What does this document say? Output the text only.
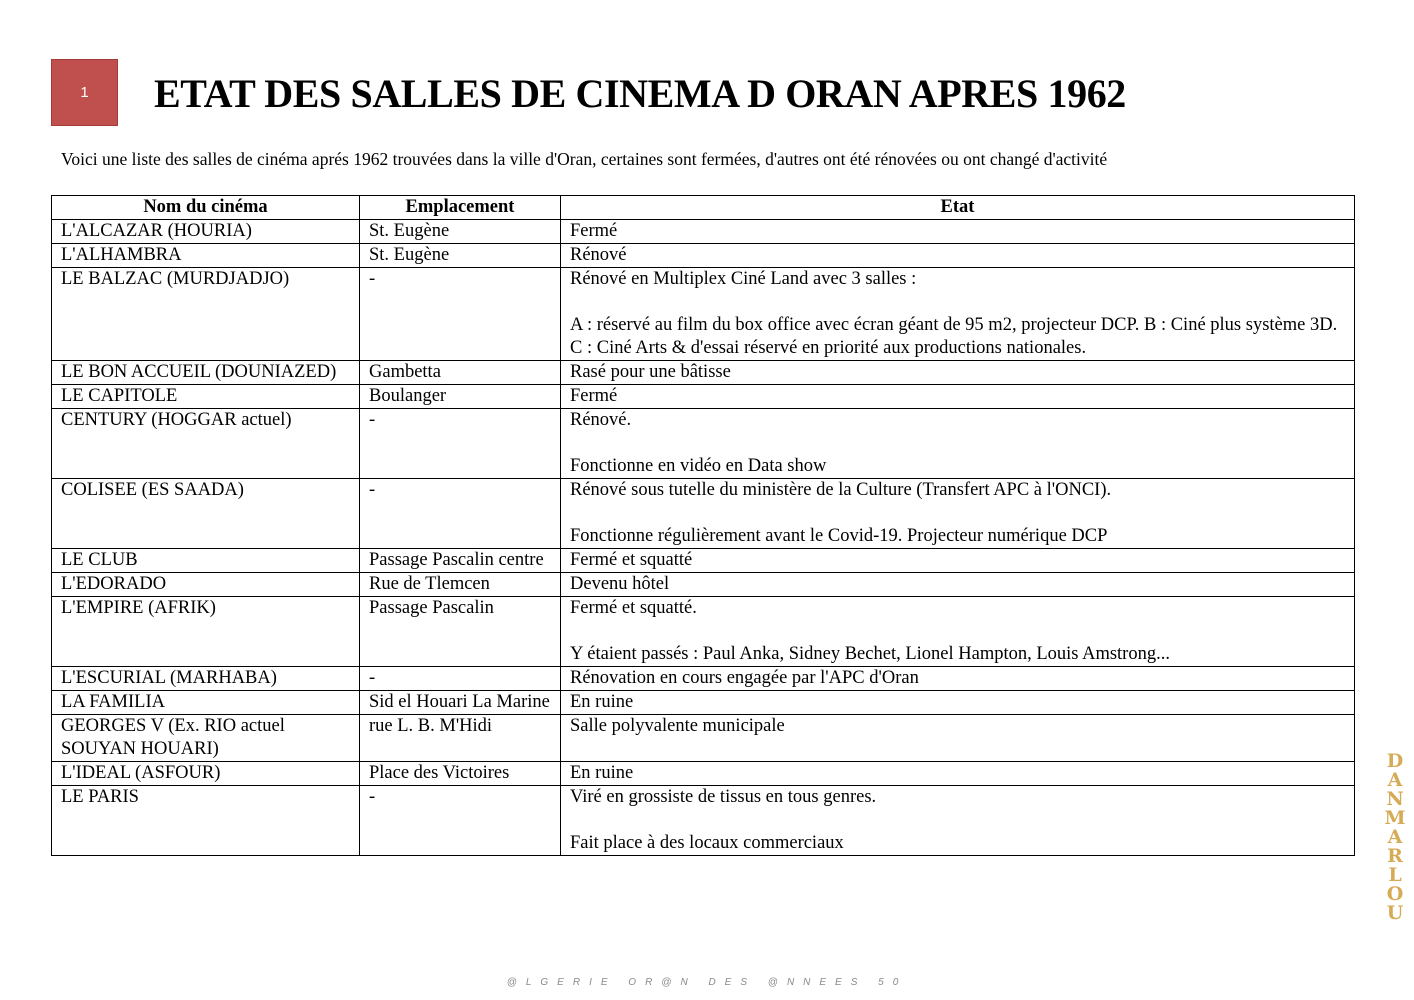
1 ETAT DES SALLES DE CINEMA D ORAN APRES 1962

Voici une liste des salles de cinéma aprés 1962 trouvées dans la ville d'Oran, certaines sont fermées, d'autres ont été rénovées ou ont changé d'activité

Nom du cinéma	Emplacement	Etat
L'ALCAZAR (HOURIA)	St. Eugène	Fermé

L'ALHAMBRA	St. Eugène	Rénové

LE BALZAC (MURDJADJO)	-	Rénové en Multiplex Ciné Land avec 3 salles :
A : réservé au film du box office avec écran géant de 95 m2, projecteur DCP. B : Ciné plus système 3D. C : Ciné Arts & d'essai réservé en priorité aux productions nationales.

LE BON ACCUEIL (DOUNIAZED)	Gambetta	Rasé pour une bâtisse

LE CAPITOLE	Boulanger	Fermé

CENTURY (HOGGAR actuel)	-	Rénové.
Fonctionne en vidéo en Data show

COLISEE (ES SAADA)	-	Rénové sous tutelle du ministère de la Culture (Transfert APC à l'ONCI).
Fonctionne régulièrement avant le Covid-19. Projecteur numérique DCP

LE CLUB	Passage Pascalin centre	Fermé et squatté

L'EDORADO	Rue de Tlemcen	Devenu hôtel

L'EMPIRE (AFRIK)	Passage Pascalin	Fermé et squatté.
Y étaient passés : Paul Anka, Sidney Bechet, Lionel Hampton, Louis Amstrong...

L'ESCURIAL (MARHABA)	-	Rénovation en cours engagée par l'APC d'Oran

LA FAMILIA	Sid el Houari La Marine	En ruine

GEORGES V (Ex. RIO actuel SOUYAN HOUARI)	rue L. B. M'Hidi	Salle polyvalente municipale

L'IDEAL (ASFOUR)	Place des Victoires	En ruine

LE PARIS	-	Viré en grossiste de tissus en tous genres.
Fait place à des locaux commerciaux
@LGERIE OR@N DES @NNEES 50
DANMARLOU
